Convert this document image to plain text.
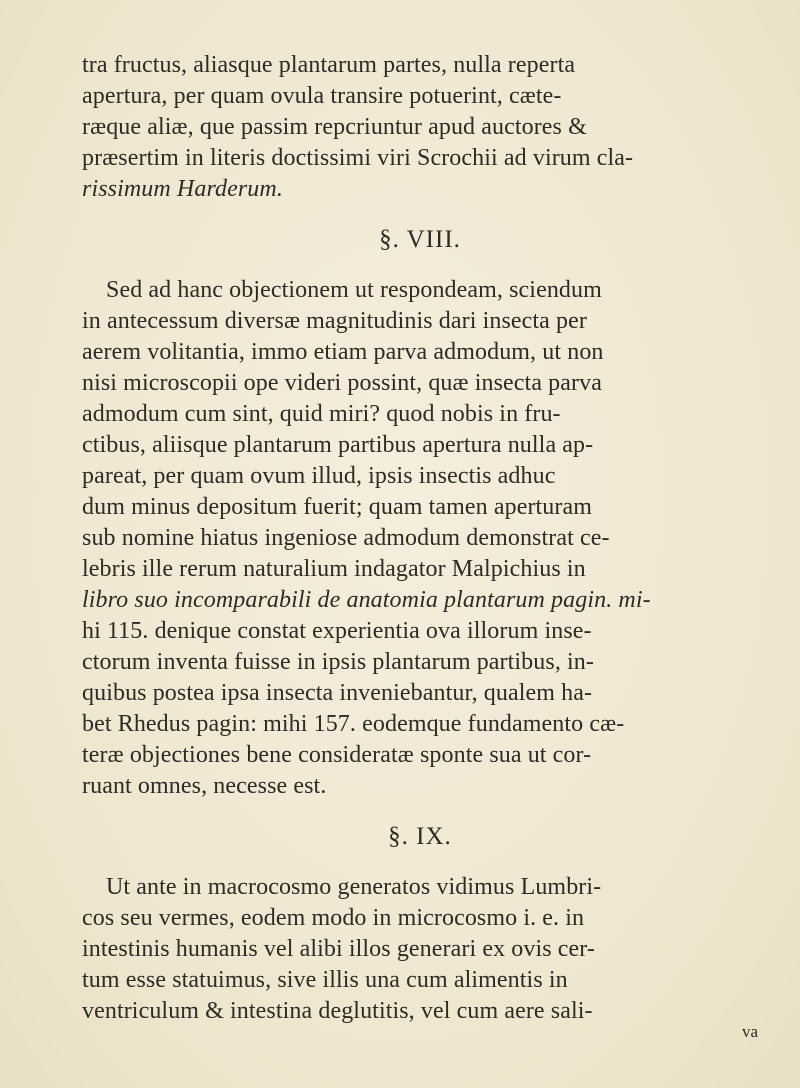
tra fructus, aliasque plantarum partes, nulla reperta
apertura, per quam ovula transire potuerint, cæte-
ræque aliæ, que passim repcriuntur apud auctores &
præsertim in literis doctissimi viri Scrochii ad virum cla-
rissimum Harderum.
§. VIII.
Sed ad hanc objectionem ut respondeam, sciendum
in antecessum diversæ magnitudinis dari insecta per
aerem volitantia, immo etiam parva admodum, ut non
nisi microscopii ope videri possint, quæ insecta parva
admodum cum sint, quid miri? quod nobis in fru-
ctibus, aliisque plantarum partibus apertura nulla ap-
pareat, per quam ovum illud, ipsis insectis adhuc
dum minus depositum fuerit; quam tamen aperturam
sub nomine hiatus ingeniose admodum demonstrat ce-
lebris ille rerum naturalium indagator Malpichius in
libro suo incomparabili de anatomia plantarum pagin. mi-
hi 115. denique constat experientia ova illorum inse-
ctorum inventa fuisse in ipsis plantarum partibus, in-
quibus postea ipsa insecta inveniebantur, qualem ha-
bet Rhedus pagin: mihi 157. eodemque fundamento cæ-
teræ objectiones bene consideratæ sponte sua ut cor-
ruant omnes, necesse est.
§. IX.
Ut ante in macrocosmo generatos vidimus Lumbri-
cos seu vermes, eodem modo in microcosmo i. e. in
intestinis humanis vel alibi illos generari ex ovis cer-
tum esse statuimus, sive illis una cum alimentis in
ventriculum & intestina deglutitis, vel cum aere sali-
va
